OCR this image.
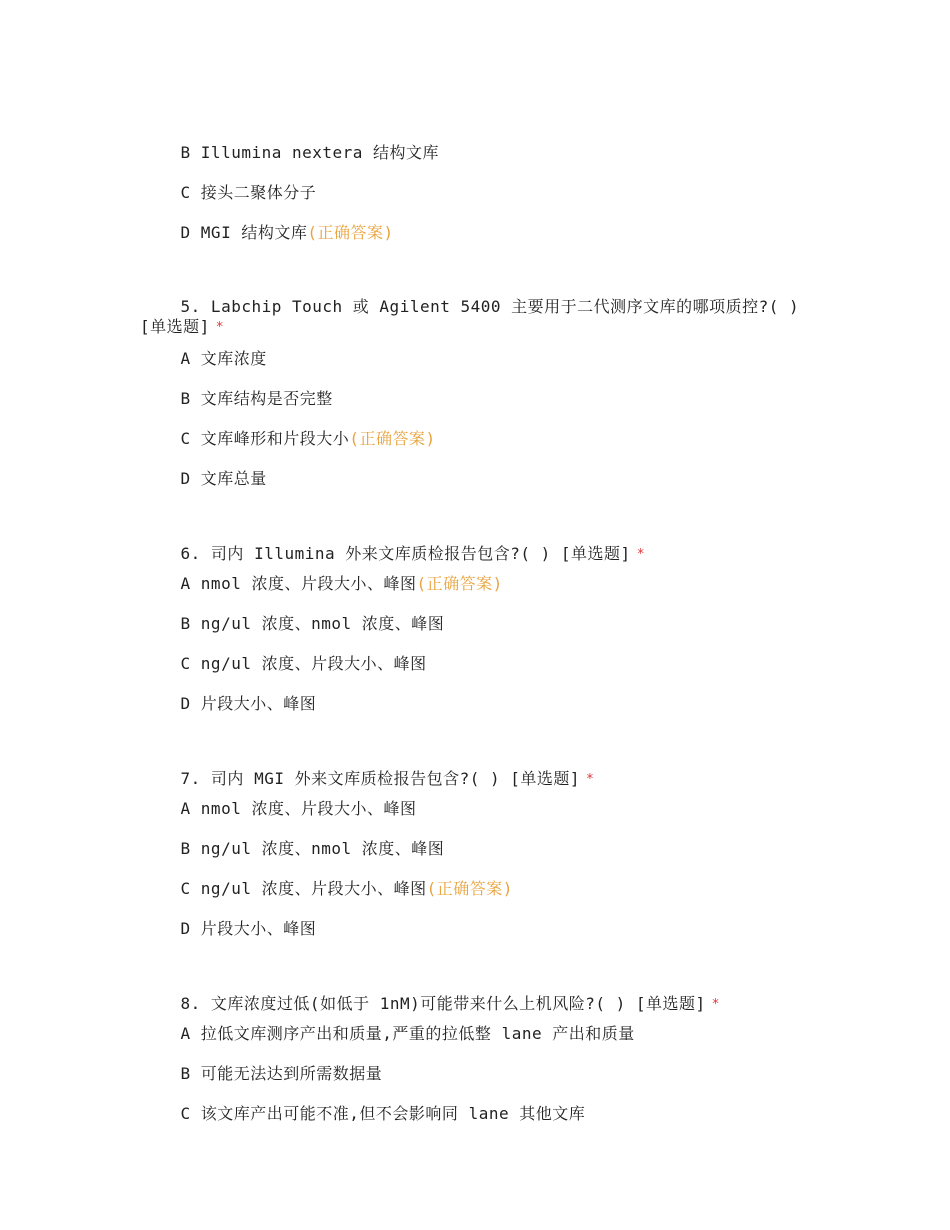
B Illumina nextera 结构文库

C 接头二聚体分子

D MGI 结构文库(正确答案)

5. Labchip Touch 或 Agilent 5400 主要用于二代测序文库的哪项质控?( ) [单选题] *

A 文库浓度

B 文库结构是否完整

C 文库峰形和片段大小(正确答案)

D 文库总量

6. 司内 Illumina 外来文库质检报告包含?( ) [单选题] *

A nmol 浓度、片段大小、峰图(正确答案)

B ng/ul 浓度、nmol 浓度、峰图

C ng/ul 浓度、片段大小、峰图

D 片段大小、峰图

7. 司内 MGI 外来文库质检报告包含?( ) [单选题] *

A nmol 浓度、片段大小、峰图

B ng/ul 浓度、nmol 浓度、峰图

C ng/ul 浓度、片段大小、峰图(正确答案)

D 片段大小、峰图

8. 文库浓度过低(如低于 1nM)可能带来什么上机风险?( ) [单选题] *

A 拉低文库测序产出和质量,严重的拉低整 lane 产出和质量

B 可能无法达到所需数据量

C 该文库产出可能不准,但不会影响同 lane 其他文库
